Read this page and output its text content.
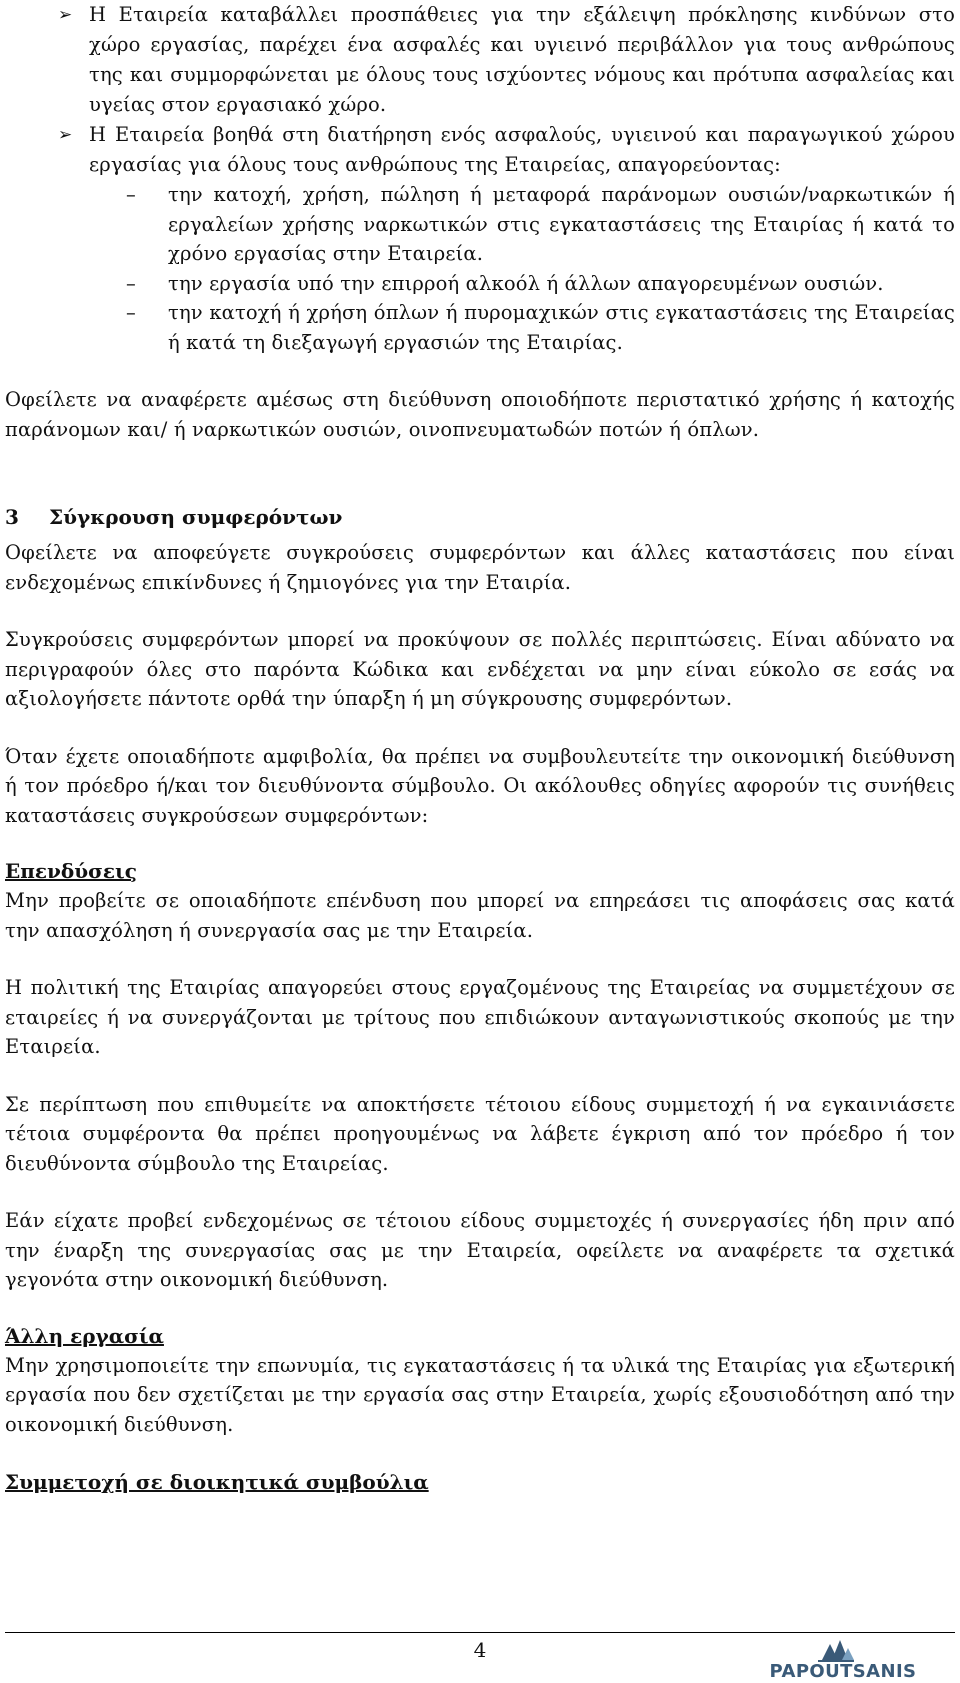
➢ Η Εταιρεία καταβάλλει προσπάθειες για την εξάλειψη πρόκλησης κινδύνων στο χώρο εργασίας, παρέχει ένα ασφαλές και υγιεινό περιβάλλον για τους ανθρώπους της και συμμορφώνεται με όλους τους ισχύοντες νόμους και πρότυπα ασφαλείας και υγείας στον εργασιακό χώρο.
➢ Η Εταιρεία βοηθά στη διατήρηση ενός ασφαλούς, υγιεινού και παραγωγικού χώρου εργασίας για όλους τους ανθρώπους της Εταιρείας, απαγορεύοντας:
– την κατοχή, χρήση, πώληση ή μεταφορά παράνομων ουσιών/ναρκωτικών ή εργαλείων χρήσης ναρκωτικών στις εγκαταστάσεις της Εταιρίας ή κατά το χρόνο εργασίας στην Εταιρεία.
– την εργασία υπό την επιρροή αλκοόλ ή άλλων απαγορευμένων ουσιών.
– την κατοχή ή χρήση όπλων ή πυρομαχικών στις εγκαταστάσεις της Εταιρείας ή κατά τη διεξαγωγή εργασιών της Εταιρίας.

Οφείλετε να αναφέρετε αμέσως στη διεύθυνση οποιοδήποτε περιστατικό χρήσης ή κατοχής παράνομων και/ ή ναρκωτικών ουσιών, οινοπνευματωδών ποτών ή όπλων.

3 Σύγκρουση συμφερόντων

Οφείλετε να αποφεύγετε συγκρούσεις συμφερόντων και άλλες καταστάσεις που είναι ενδεχομένως επικίνδυνες ή ζημιογόνες για την Εταιρία.

Συγκρούσεις συμφερόντων μπορεί να προκύψουν σε πολλές περιπτώσεις. Είναι αδύνατο να περιγραφούν όλες στο παρόντα Κώδικα και ενδέχεται να μην είναι εύκολο σε εσάς να αξιολογήσετε πάντοτε ορθά την ύπαρξη ή μη σύγκρουσης συμφερόντων.

Όταν έχετε οποιαδήποτε αμφιβολία, θα πρέπει να συμβουλευτείτε την οικονομική διεύθυνση ή τον πρόεδρο ή/και τον διευθύνοντα σύμβουλο. Οι ακόλουθες οδηγίες αφορούν τις συνήθεις καταστάσεις συγκρούσεων συμφερόντων:

Επενδύσεις

Μην προβείτε σε οποιαδήποτε επένδυση που μπορεί να επηρεάσει τις αποφάσεις σας κατά την απασχόληση ή συνεργασία σας με την Εταιρεία.

Η πολιτική της Εταιρίας απαγορεύει στους εργαζομένους της Εταιρείας να συμμετέχουν σε εταιρείες ή να συνεργάζονται με τρίτους που επιδιώκουν ανταγωνιστικούς σκοπούς με την Εταιρεία.

Σε περίπτωση που επιθυμείτε να αποκτήσετε τέτοιου είδους συμμετοχή ή να εγκαινιάσετε τέτοια συμφέροντα θα πρέπει προηγουμένως να λάβετε έγκριση από τον πρόεδρο ή τον διευθύνοντα σύμβουλο της Εταιρείας.

Εάν είχατε προβεί ενδεχομένως σε τέτοιου είδους συμμετοχές ή συνεργασίες ήδη πριν από την έναρξη της συνεργασίας σας με την Εταιρεία, οφείλετε να αναφέρετε τα σχετικά γεγονότα στην οικονομική διεύθυνση.

Άλλη εργασία

Μην χρησιμοποιείτε την επωνυμία, τις εγκαταστάσεις ή τα υλικά της Εταιρίας για εξωτερική εργασία που δεν σχετίζεται με την εργασία σας στην Εταιρεία, χωρίς εξουσιοδότηση από την οικονομική διεύθυνση.

Συμμετοχή σε διοικητικά συμβούλια
4
PAPOUTSANIS
